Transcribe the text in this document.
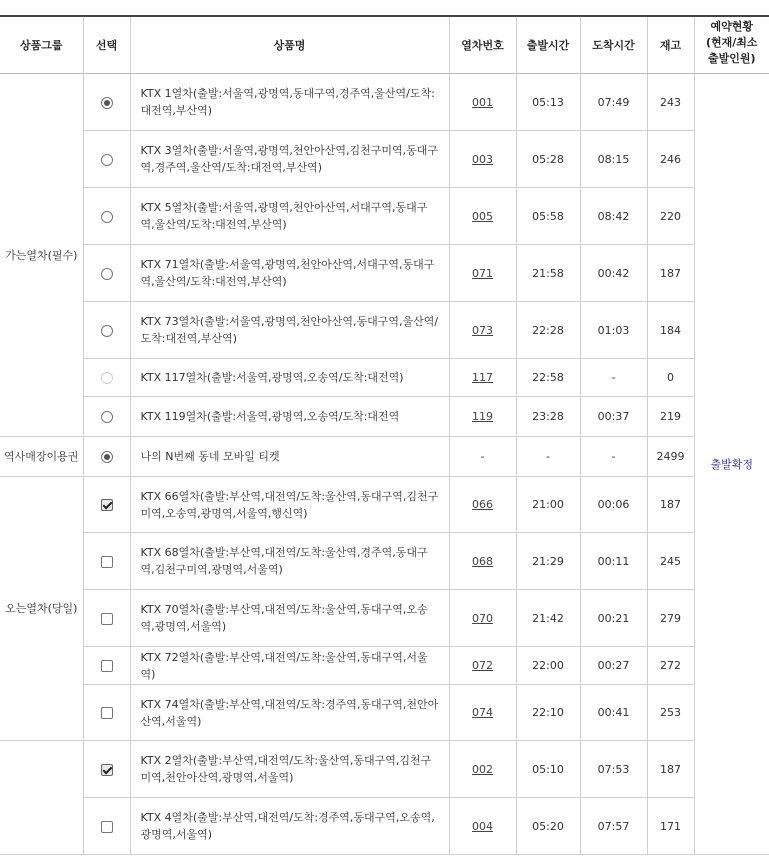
상품그룹	선택	상품명	열차번호	출발시간	도착시간	재고	예약현황
(현재/최소
출발인원)
가는열차(필수)		KTX 1열차(출발:서울역,광명역,동대구역,경주역,울산역/도착:대전역,부산역)	001	05:13	07:49	243	출발확정
		KTX 3열차(출발:서울역,광명역,천안아산역,김천구미역,동대구역,경주역,울산역/도착:대전역,부산역)	003	05:28	08:15	246	
		KTX 5열차(출발:서울역,광명역,천안아산역,서대구역,동대구역,울산역/도착:대전역,부산역)	005	05:58	08:42	220	
		KTX 71열차(출발:서울역,광명역,천안아산역,서대구역,동대구역,울산역/도착:대전역,부산역)	071	21:58	00:42	187	
		KTX 73열차(출발:서울역,광명역,천안아산역,동대구역,울산역/도착:대전역,부산역)	073	22:28	01:03	184	
		KTX 117열차(출발:서울역,광명역,오송역/도착:대전역)	117	22:58	-	0	
		KTX 119열차(출발:서울역,광명역,오송역/도착:대전역	119	23:28	00:37	219	
역사매장이용권		나의 N번째 동네 모바일 티켓	-	-	-	2499	
오는열차(당일)		KTX 66열차(출발:부산역,대전역/도착:울산역,동대구역,김천구미역,오송역,광명역,서울역,행신역)	066	21:00	00:06	187	
		KTX 68열차(출발:부산역,대전역/도착:울산역,경주역,동대구역,김천구미역,광명역,서울역)	068	21:29	00:11	245	
		KTX 70열차(출발:부산역,대전역/도착:울산역,동대구역,오송역,광명역,서울역)	070	21:42	00:21	279	
		KTX 72열차(출발:부산역,대전역/도착:울산역,동대구역,서울역)	072	22:00	00:27	272	
		KTX 74열차(출발:부산역,대전역/도착:경주역,동대구역,천안아산역,서울역)	074	22:10	00:41	253	
		KTX 2열차(출발:부산역,대전역/도착:울산역,동대구역,김천구미역,천안아산역,광명역,서울역)	002	05:10	07:53	187	
		KTX 4열차(출발:부산역,대전역/도착:경주역,동대구역,오송역,광명역,서울역)	004	05:20	07:57	171	
